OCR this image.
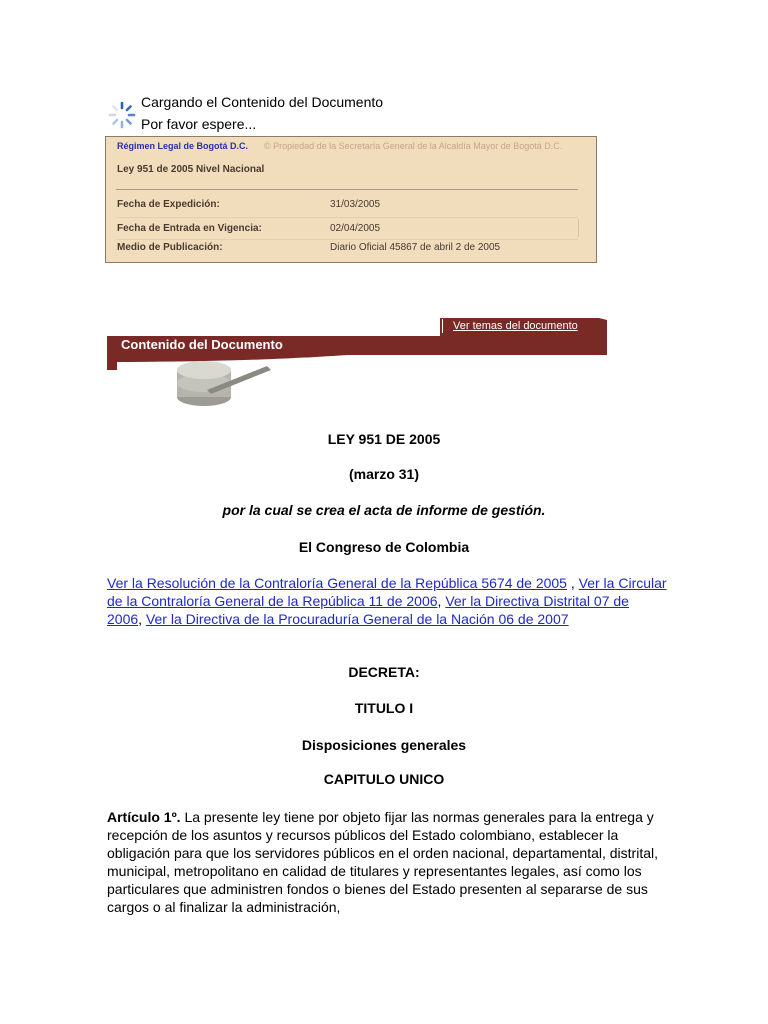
Cargando el Contenido del Documento
Por favor espere...
Régimen Legal de Bogotá D.C. © Propiedad de la Secretaría General de la Alcaldía Mayor de Bogotá D.C.
Ley 951 de 2005 Nivel Nacional
Fecha de Expedición:	31/03/2005
Fecha de Entrada en Vigencia:	02/04/2005
Medio de Publicación:	Diario Oficial 45867 de abril 2 de 2005
Ver temas del documento
Contenido del Documento
LEY 951 DE 2005
(marzo 31)
por la cual se crea el acta de informe de gestión.
El Congreso de Colombia
Ver la Resolución de la Contraloría General de la República 5674 de 2005 , Ver la Circular de la Contraloría General de la República 11 de 2006, Ver la Directiva Distrital 07 de 2006, Ver la Directiva de la Procuraduría General de la Nación 06 de 2007
DECRETA:
TITULO I
Disposiciones generales
CAPITULO UNICO
Artículo 1º. La presente ley tiene por objeto fijar las normas generales para la entrega y recepción de los asuntos y recursos públicos del Estado colombiano, establecer la obligación para que los servidores públicos en el orden nacional, departamental, distrital, municipal, metropolitano en calidad de titulares y representantes legales, así como los particulares que administren fondos o bienes del Estado presenten al separarse de sus cargos o al finalizar la administración,
